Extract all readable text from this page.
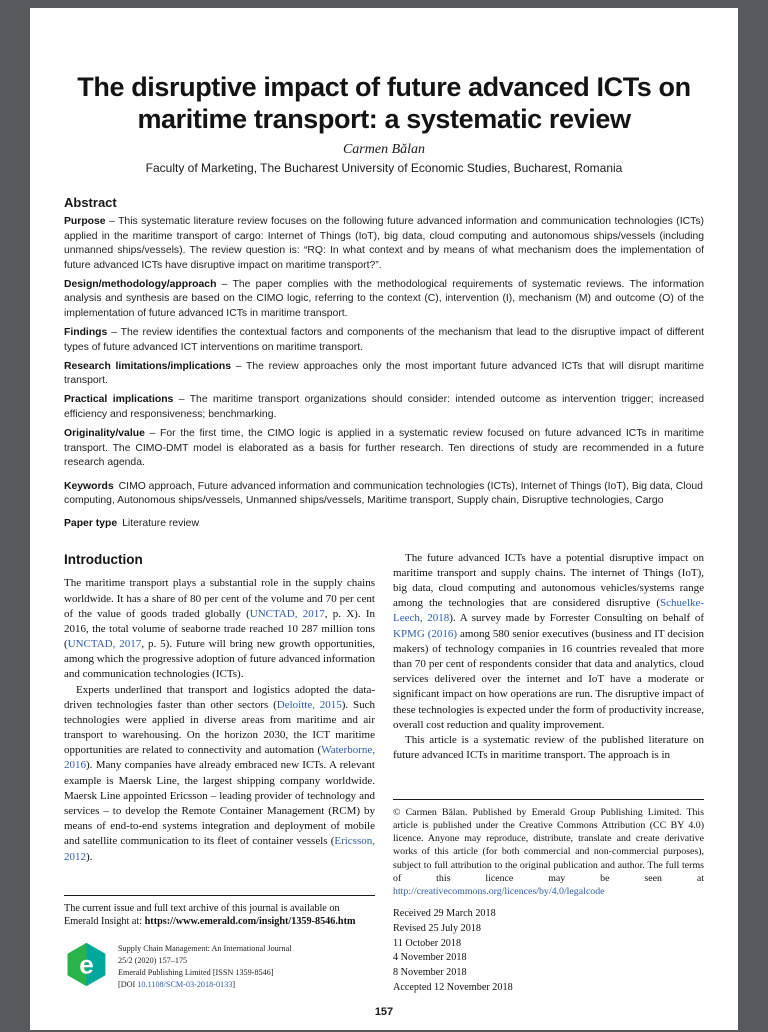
The disruptive impact of future advanced ICTs on maritime transport: a systematic review
Carmen Bălan
Faculty of Marketing, The Bucharest University of Economic Studies, Bucharest, Romania
Abstract

Purpose – This systematic literature review focuses on the following future advanced information and communication technologies (ICTs) applied in the maritime transport of cargo: Internet of Things (IoT), big data, cloud computing and autonomous ships/vessels (including unmanned ships/vessels). The review question is: “RQ: In what context and by means of what mechanism does the implementation of future advanced ICTs have disruptive impact on maritime transport?”.

Design/methodology/approach – The paper complies with the methodological requirements of systematic reviews. The information analysis and synthesis are based on the CIMO logic, referring to the context (C), intervention (I), mechanism (M) and outcome (O) of the implementation of future advanced ICTs in maritime transport.

Findings – The review identifies the contextual factors and components of the mechanism that lead to the disruptive impact of different types of future advanced ICT interventions on maritime transport.

Research limitations/implications – The review approaches only the most important future advanced ICTs that will disrupt maritime transport.

Practical implications – The maritime transport organizations should consider: intended outcome as intervention trigger; increased efficiency and responsiveness; benchmarking.

Originality/value – For the first time, the CIMO logic is applied in a systematic review focused on future advanced ICTs in maritime transport. The CIMO-DMT model is elaborated as a basis for further research. Ten directions of study are recommended in a future research agenda.

Keywords CIMO approach, Future advanced information and communication technologies (ICTs), Internet of Things (IoT), Big data, Cloud computing, Autonomous ships/vessels, Unmanned ships/vessels, Maritime transport, Supply chain, Disruptive technologies, Cargo

Paper type Literature review

Introduction

The maritime transport plays a substantial role in the supply chains worldwide. It has a share of 80 per cent of the volume and 70 per cent of the value of goods traded globally (UNCTAD, 2017, p. X). In 2016, the total volume of seaborne trade reached 10 287 million tons (UNCTAD, 2017, p. 5). Future will bring new growth opportunities, among which the progressive adoption of future advanced information and communication technologies (ICTs).

Experts underlined that transport and logistics adopted the data-driven technologies faster than other sectors (Deloitte, 2015). Such technologies were applied in diverse areas from maritime and air transport to warehousing. On the horizon 2030, the ICT maritime opportunities are related to connectivity and automation (Waterborne, 2016). Many companies have already embraced new ICTs. A relevant example is Maersk Line, the largest shipping company worldwide. Maersk Line appointed Ericsson – leading provider of technology and services – to develop the Remote Container Management (RCM) by means of end-to-end systems integration and deployment of mobile and satellite communication to its fleet of container vessels (Ericsson, 2012).

The current issue and full text archive of this journal is available on Emerald Insight at: https://www.emerald.com/insight/1359-8546.htm
e
Supply Chain Management: An International Journal
25/2 (2020) 157–175
Emerald Publishing Limited [ISSN 1359-8546]
[DOI 10.1108/SCM-03-2018-0133]

The future advanced ICTs have a potential disruptive impact on maritime transport and supply chains. The internet of Things (IoT), big data, cloud computing and autonomous vehicles/systems range among the technologies that are considered disruptive (Schuelke-Leech, 2018). A survey made by Forrester Consulting on behalf of KPMG (2016) among 580 senior executives (business and IT decision makers) of technology companies in 16 countries revealed that more than 70 per cent of respondents consider that data and analytics, cloud services delivered over the internet and IoT have a moderate or significant impact on how operations are run. The disruptive impact of these technologies is expected under the form of productivity increase, overall cost reduction and quality improvement.

This article is a systematic review of the published literature on future advanced ICTs in maritime transport. The approach is in

© Carmen Bălan. Published by Emerald Group Publishing Limited. This article is published under the Creative Commons Attribution (CC BY 4.0) licence. Anyone may reproduce, distribute, translate and create derivative works of this article (for both commercial and non-commercial purposes), subject to full attribution to the original publication and author. The full terms of this licence may be seen at http://creativecommons.org/licences/by/4.0/legalcode
Received 29 March 2018
Revised 25 July 2018
11 October 2018
4 November 2018
8 November 2018
Accepted 12 November 2018
157
